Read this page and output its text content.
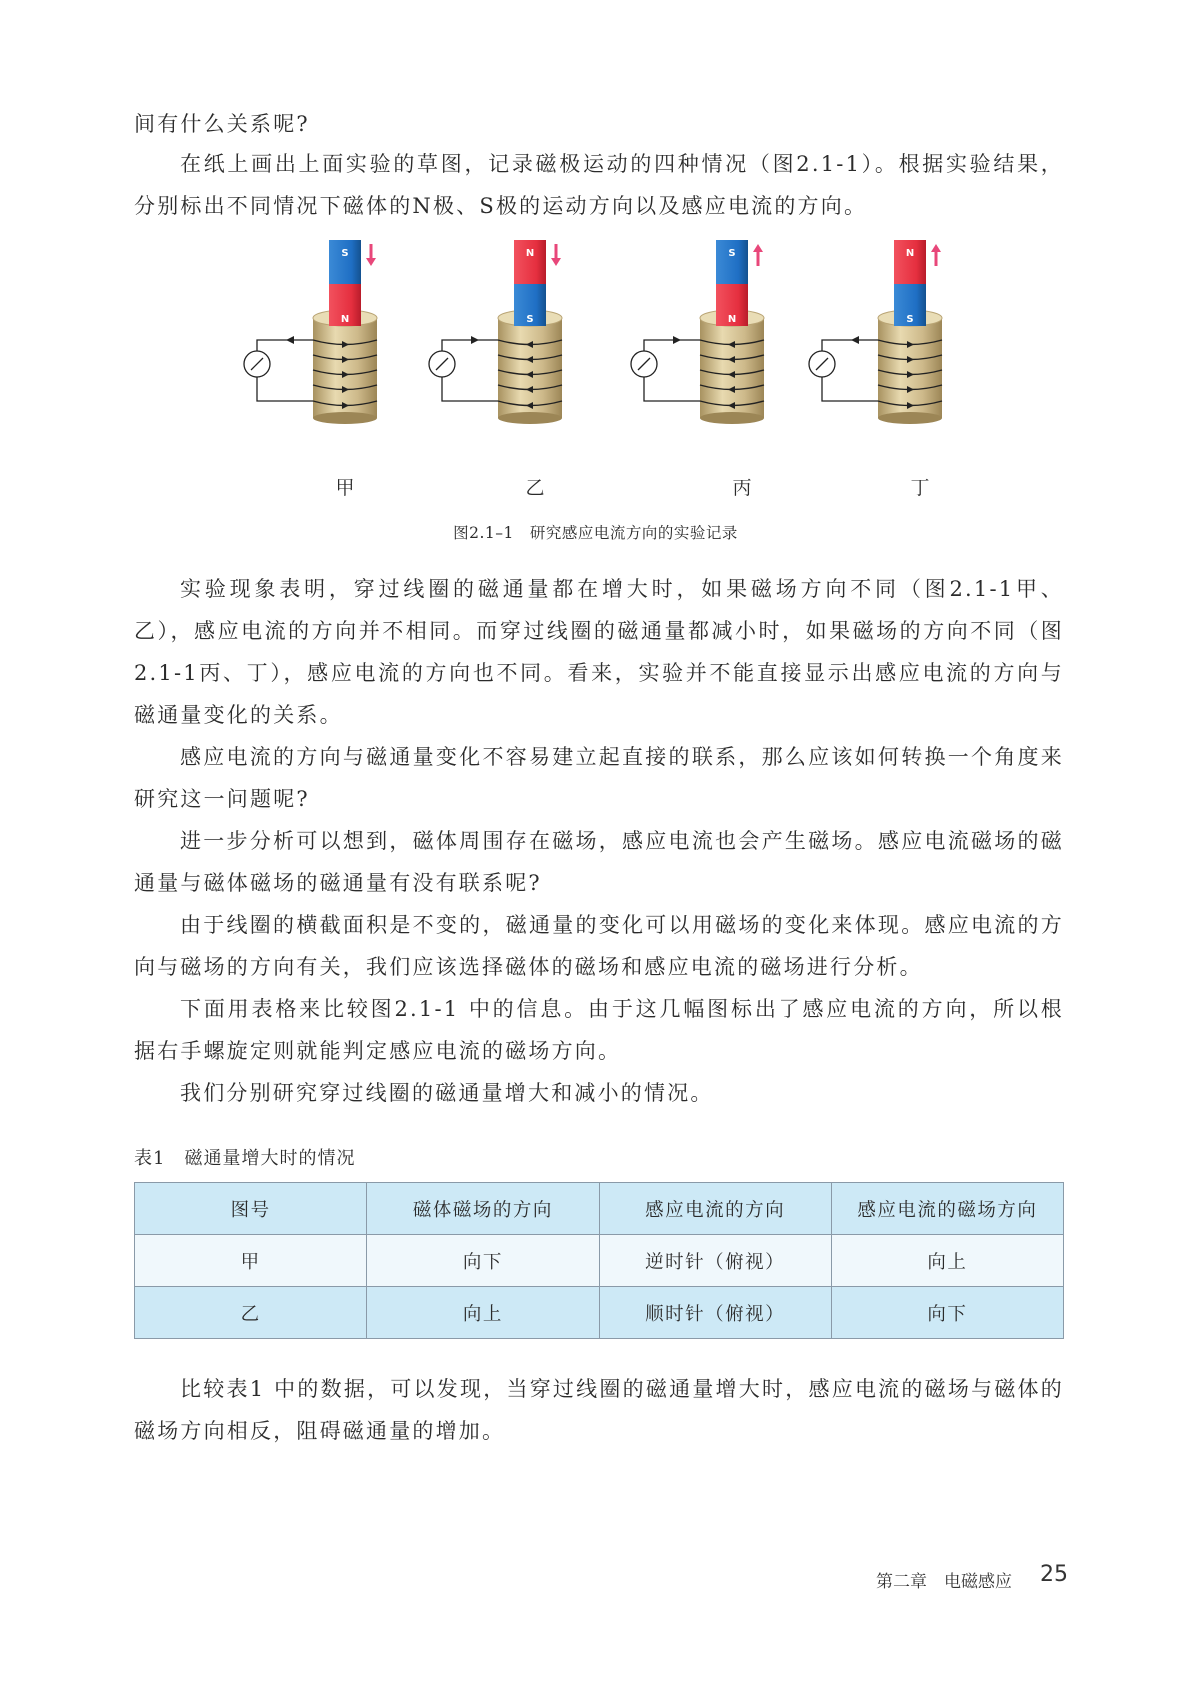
间有什么关系呢?

在纸上画出上面实验的草图，记录磁极运动的四种情况（图2.1-1）。根据实验结果，分别标出不同情况下磁体的N极、S极的运动方向以及感应电流的方向。

S
N
N
S
S
N
N
S
甲	乙	丙	丁
图2.1–1　研究感应电流方向的实验记录

实验现象表明，穿过线圈的磁通量都在增大时，如果磁场方向不同（图2.1-1甲、乙），感应电流的方向并不相同。而穿过线圈的磁通量都减小时，如果磁场的方向不同（图2.1-1丙、丁），感应电流的方向也不同。看来，实验并不能直接显示出感应电流的方向与磁通量变化的关系。

感应电流的方向与磁通量变化不容易建立起直接的联系，那么应该如何转换一个角度来研究这一问题呢?

进一步分析可以想到，磁体周围存在磁场，感应电流也会产生磁场。感应电流磁场的磁通量与磁体磁场的磁通量有没有联系呢?

由于线圈的横截面积是不变的，磁通量的变化可以用磁场的变化来体现。感应电流的方向与磁场的方向有关，我们应该选择磁体的磁场和感应电流的磁场进行分析。

下面用表格来比较图2.1-1 中的信息。由于这几幅图标出了感应电流的方向，所以根据右手螺旋定则就能判定感应电流的磁场方向。

我们分别研究穿过线圈的磁通量增大和减小的情况。

表1　磁通量增大时的情况
图号	磁体磁场的方向	感应电流的方向	感应电流的磁场方向
甲	向下	逆时针（俯视）	向上
乙	向上	顺时针（俯视）	向下

比较表1 中的数据，可以发现，当穿过线圈的磁通量增大时，感应电流的磁场与磁体的磁场方向相反，阻碍磁通量的增加。

第二章　电磁感应 25
